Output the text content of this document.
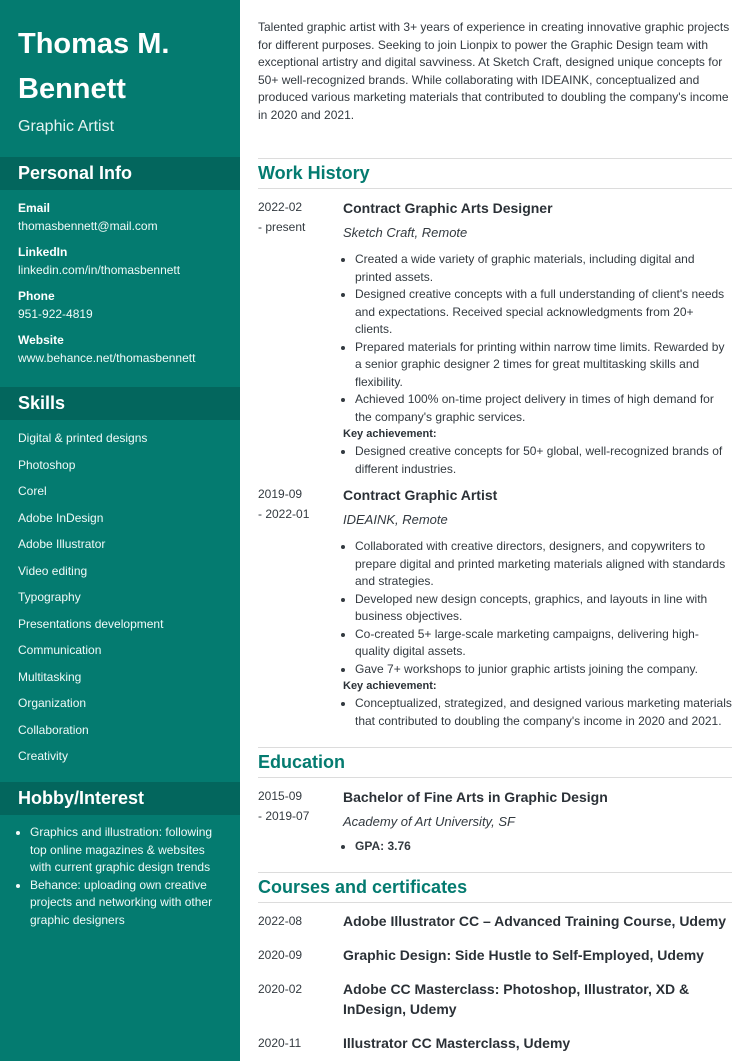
Thomas M.
Bennett
Graphic Artist
Personal Info
Email
thomasbennett@mail.com
LinkedIn
linkedin.com/in/thomasbennett
Phone
951-922-4819
Website
www.behance.net/thomasbennett
Skills
Digital & printed designs
Photoshop
Corel
Adobe InDesign
Adobe Illustrator
Video editing
Typography
Presentations development
Communication
Multitasking
Organization
Collaboration
Creativity
Hobby/Interest
• Graphics and illustration: following top online magazines & websites with current graphic design trends
• Behance: uploading own creative projects and networking with other graphic designers

Talented graphic artist with 3+ years of experience in creating innovative graphic projects for different purposes. Seeking to join Lionpix to power the Graphic Design team with exceptional artistry and digital savviness. At Sketch Craft, designed unique concepts for 50+ well-recognized brands. While collaborating with IDEAINK, conceptualized and produced various marketing materials that contributed to doubling the company's income in 2020 and 2021.

Work History
2022-02
- present
Contract Graphic Arts Designer
Sketch Craft, Remote
• Created a wide variety of graphic materials, including digital and printed assets.
• Designed creative concepts with a full understanding of client's needs and expectations. Received special acknowledgments from 20+ clients.
• Prepared materials for printing within narrow time limits. Rewarded by a senior graphic designer 2 times for great multitasking skills and flexibility.
• Achieved 100% on-time project delivery in times of high demand for the company's graphic services.
Key achievement:
• Designed creative concepts for 50+ global, well-recognized brands of different industries.
2019-09
- 2022-01
Contract Graphic Artist
IDEAINK, Remote
• Collaborated with creative directors, designers, and copywriters to prepare digital and printed marketing materials aligned with standards and strategies.
• Developed new design concepts, graphics, and layouts in line with business objectives.
• Co-created 5+ large-scale marketing campaigns, delivering high-quality digital assets.
• Gave 7+ workshops to junior graphic artists joining the company.
Key achievement:
• Conceptualized, strategized, and designed various marketing materials that contributed to doubling the company's income in 2020 and 2021.
Education
2015-09
- 2019-07
Bachelor of Fine Arts in Graphic Design
Academy of Art University, SF
• GPA: 3.76
Courses and certificates
2022-08	Adobe Illustrator CC – Advanced Training Course, Udemy
2020-09	Graphic Design: Side Hustle to Self-Employed, Udemy
2020-02	Adobe CC Masterclass: Photoshop, Illustrator, XD & InDesign, Udemy
2020-11	Illustrator CC Masterclass, Udemy
